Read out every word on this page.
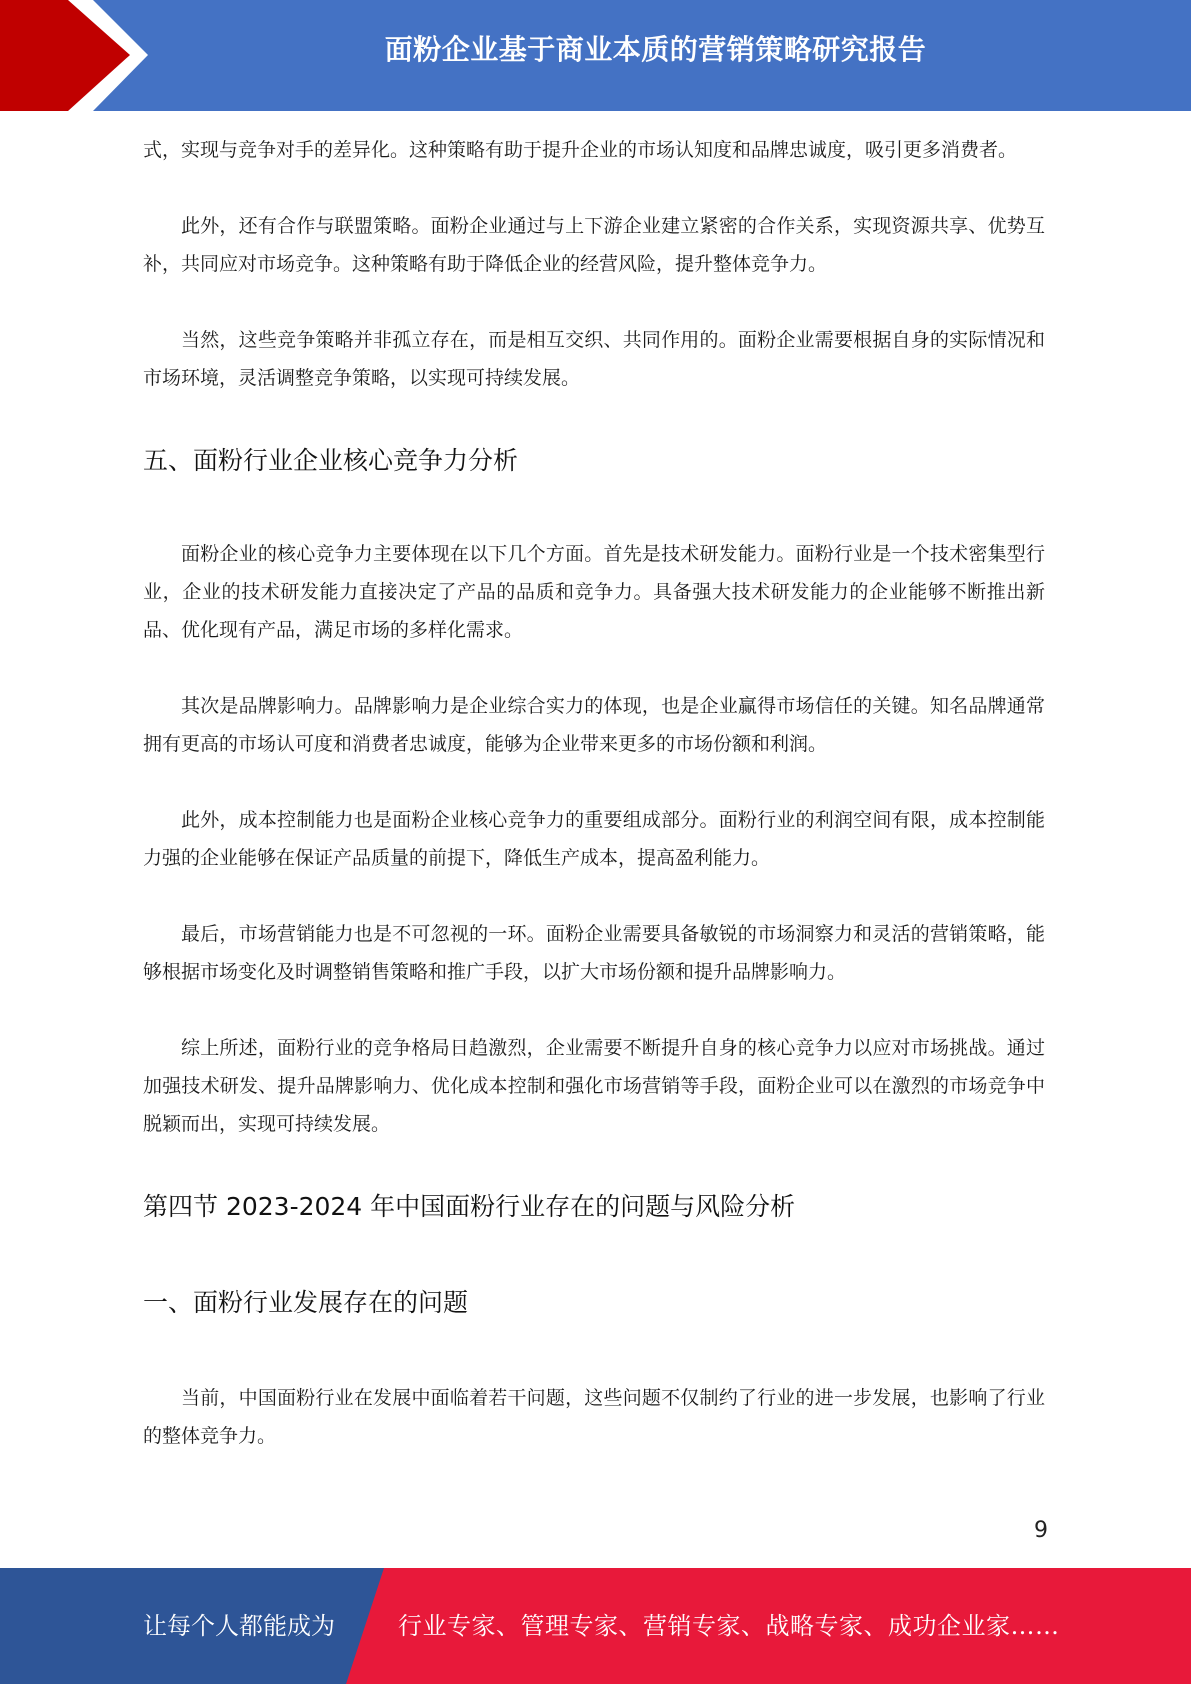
面粉企业基于商业本质的营销策略研究报告

式，实现与竞争对手的差异化。这种策略有助于提升企业的市场认知度和品牌忠诚度，吸引更多消费者。

此外，还有合作与联盟策略。面粉企业通过与上下游企业建立紧密的合作关系，实现资源共享、优势互补，共同应对市场竞争。这种策略有助于降低企业的经营风险，提升整体竞争力。

当然，这些竞争策略并非孤立存在，而是相互交织、共同作用的。面粉企业需要根据自身的实际情况和市场环境，灵活调整竞争策略，以实现可持续发展。

五、面粉行业企业核心竞争力分析

面粉企业的核心竞争力主要体现在以下几个方面。首先是技术研发能力。面粉行业是一个技术密集型行业，企业的技术研发能力直接决定了产品的品质和竞争力。具备强大技术研发能力的企业能够不断推出新品、优化现有产品，满足市场的多样化需求。

其次是品牌影响力。品牌影响力是企业综合实力的体现，也是企业赢得市场信任的关键。知名品牌通常拥有更高的市场认可度和消费者忠诚度，能够为企业带来更多的市场份额和利润。

此外，成本控制能力也是面粉企业核心竞争力的重要组成部分。面粉行业的利润空间有限，成本控制能力强的企业能够在保证产品质量的前提下，降低生产成本，提高盈利能力。

最后，市场营销能力也是不可忽视的一环。面粉企业需要具备敏锐的市场洞察力和灵活的营销策略，能够根据市场变化及时调整销售策略和推广手段，以扩大市场份额和提升品牌影响力。

综上所述，面粉行业的竞争格局日趋激烈，企业需要不断提升自身的核心竞争力以应对市场挑战。通过加强技术研发、提升品牌影响力、优化成本控制和强化市场营销等手段，面粉企业可以在激烈的市场竞争中脱颖而出，实现可持续发展。

第四节 2023-2024 年中国面粉行业存在的问题与风险分析
一、面粉行业发展存在的问题

当前，中国面粉行业在发展中面临着若干问题，这些问题不仅制约了行业的进一步发展，也影响了行业的整体竞争力。

9
让每个人都能成为	行业专家、管理专家、营销专家、战略专家、成功企业家……
